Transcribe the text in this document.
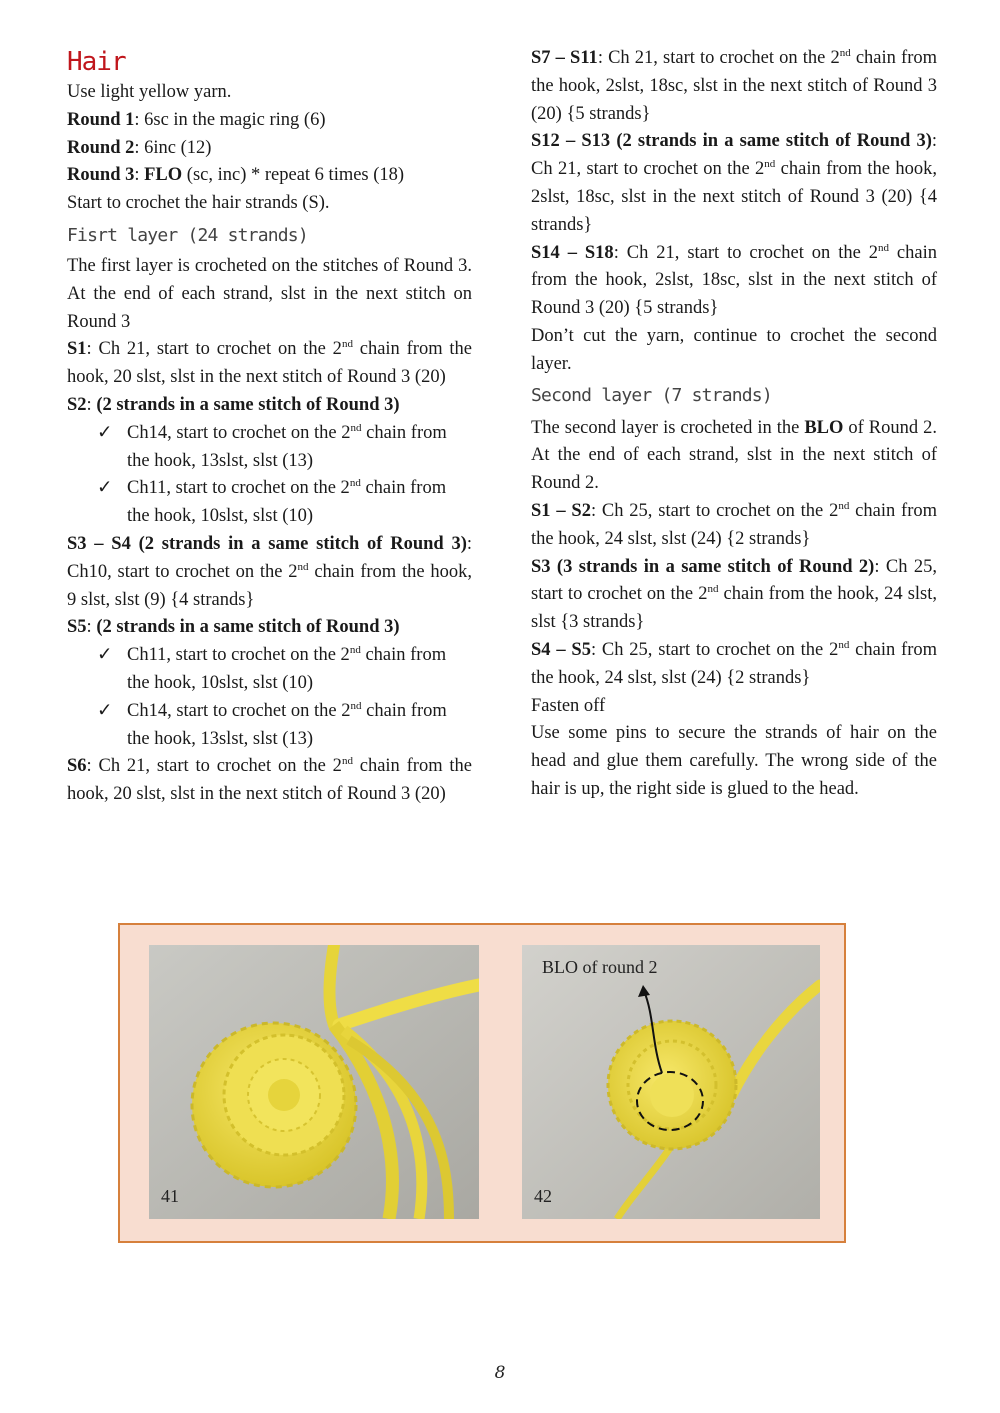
Hair

Use light yellow yarn.

Round 1: 6sc in the magic ring (6)

Round 2: 6inc (12)

Round 3: FLO (sc, inc) * repeat 6 times (18)

Start to crochet the hair strands (S).

Fisrt layer (24 strands)

The first layer is crocheted on the stitches of Round 3. At the end of each strand, slst in the next stitch on Round 3

S1: Ch 21, start to crochet on the 2nd chain from the hook, 20 slst, slst in the next stitch of Round 3 (20)

S2: (2 strands in a same stitch of Round 3)

✓ Ch14, start to crochet on the 2nd chain from the hook, 13slst, slst (13)
✓ Ch11, start to crochet on the 2nd chain from the hook, 10slst, slst (10)

S3 – S4 (2 strands in a same stitch of Round 3): Ch10, start to crochet on the 2nd chain from the hook, 9 slst, slst (9) {4 strands}

S5: (2 strands in a same stitch of Round 3)

✓ Ch11, start to crochet on the 2nd chain from the hook, 10slst, slst (10)
✓ Ch14, start to crochet on the 2nd chain from the hook, 13slst, slst (13)

S6: Ch 21, start to crochet on the 2nd chain from the hook, 20 slst, slst in the next stitch of Round 3 (20)

S7 – S11: Ch 21, start to crochet on the 2nd chain from the hook, 2slst, 18sc, slst in the next stitch of Round 3 (20) {5 strands}

S12 – S13 (2 strands in a same stitch of Round 3): Ch 21, start to crochet on the 2nd chain from the hook, 2slst, 18sc, slst in the next stitch of Round 3 (20) {4 strands}

S14 – S18: Ch 21, start to crochet on the 2nd chain from the hook, 2slst, 18sc, slst in the next stitch of Round 3 (20) {5 strands}

Don’t cut the yarn, continue to crochet the second layer.

Second layer (7 strands)

The second layer is crocheted in the BLO of Round 2. At the end of each strand, slst in the next stitch of Round 2.

S1 – S2: Ch 25, start to crochet on the 2nd chain from the hook, 24 slst, slst (24) {2 strands}

S3 (3 strands in a same stitch of Round 2): Ch 25, start to crochet on the 2nd chain from the hook, 24 slst, slst {3 strands}

S4 – S5: Ch 25, start to crochet on the 2nd chain from the hook, 24 slst, slst (24) {2 strands}

Fasten off

Use some pins to secure the strands of hair on the head and glue them carefully. The wrong side of the hair is up, the right side is glued to the head.

41
BLO of round 2
42
8
